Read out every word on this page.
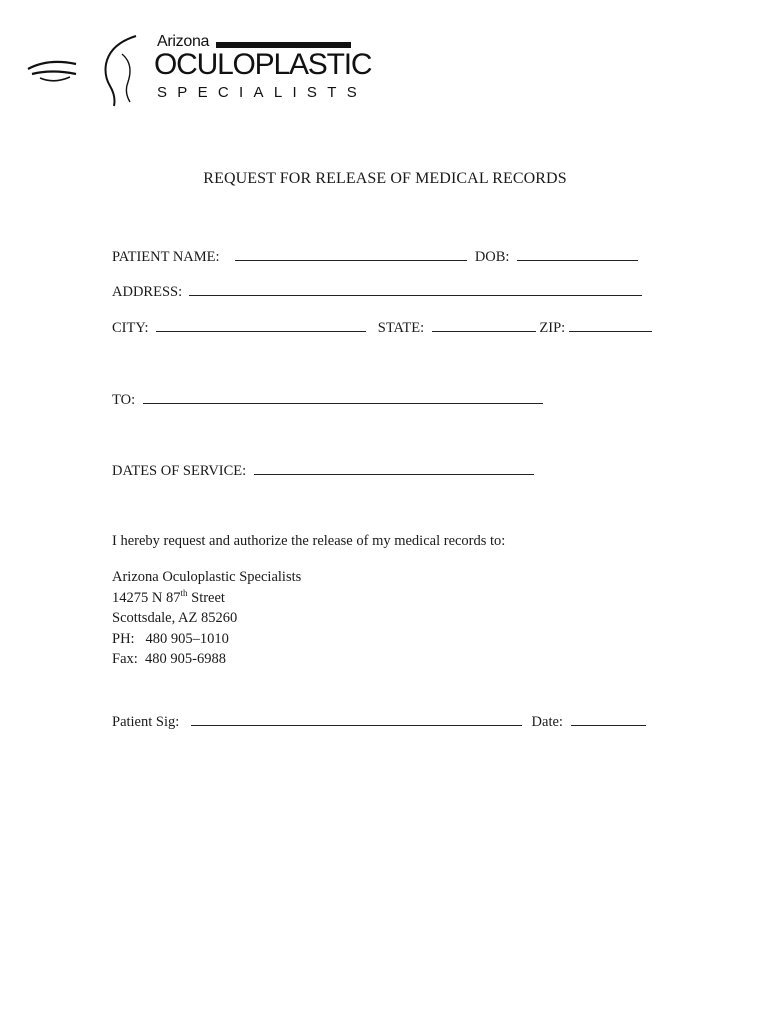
Arizona
OCULOPLASTIC
SPECIALISTS
REQUEST FOR RELEASE OF MEDICAL RECORDS
PATIENT NAME:	DOB:
ADDRESS:
CITY:	STATE:	ZIP:
TO:
DATES OF SERVICE:
I hereby request and authorize the release of my medical records to:
Arizona Oculoplastic Specialists
14275 N 87th Street
Scottsdale, AZ 85260
PH:   480 905–1010
Fax:  480 905-6988
Patient Sig:	Date:
